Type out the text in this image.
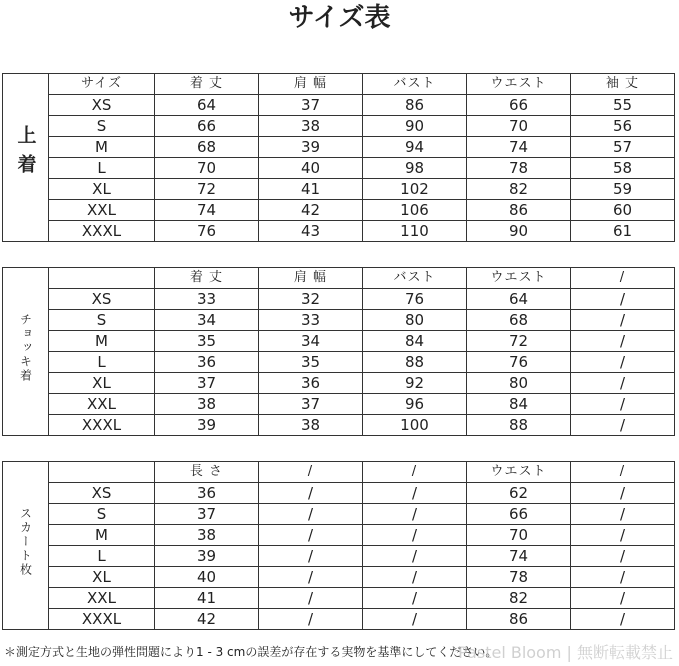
サイズ表
上着	サイズ	着 丈	肩 幅	バスト	ウエスト	袖 丈
	XS	64	37	86	66	55
	S	66	38	90	70	56
	M	68	39	94	74	57
	L	70	40	98	78	58
	XL	72	41	102	82	59
	XXL	74	42	106	86	60
	XXXL	76	43	110	90	61
チョッキ着		着 丈	肩 幅	バスト	ウエスト	/
	XS	33	32	76	64	/
	S	34	33	80	68	/
	M	35	34	84	72	/
	L	36	35	88	76	/
	XL	37	36	92	80	/
	XXL	38	37	96	84	/
	XXXL	39	38	100	88	/
スカート枚		長 さ	/	/	ウエスト	/
	XS	36	/	/	62	/
	S	37	/	/	66	/
	M	38	/	/	70	/
	L	39	/	/	74	/
	XL	40	/	/	78	/
	XXL	41	/	/	82	/
	XXXL	42	/	/	86	/
＊測定方式と生地の弾性問題により1 - 3 cmの誤差が存在する実物を基準にしてください。
Pastel Bloom | 無断転載禁止
